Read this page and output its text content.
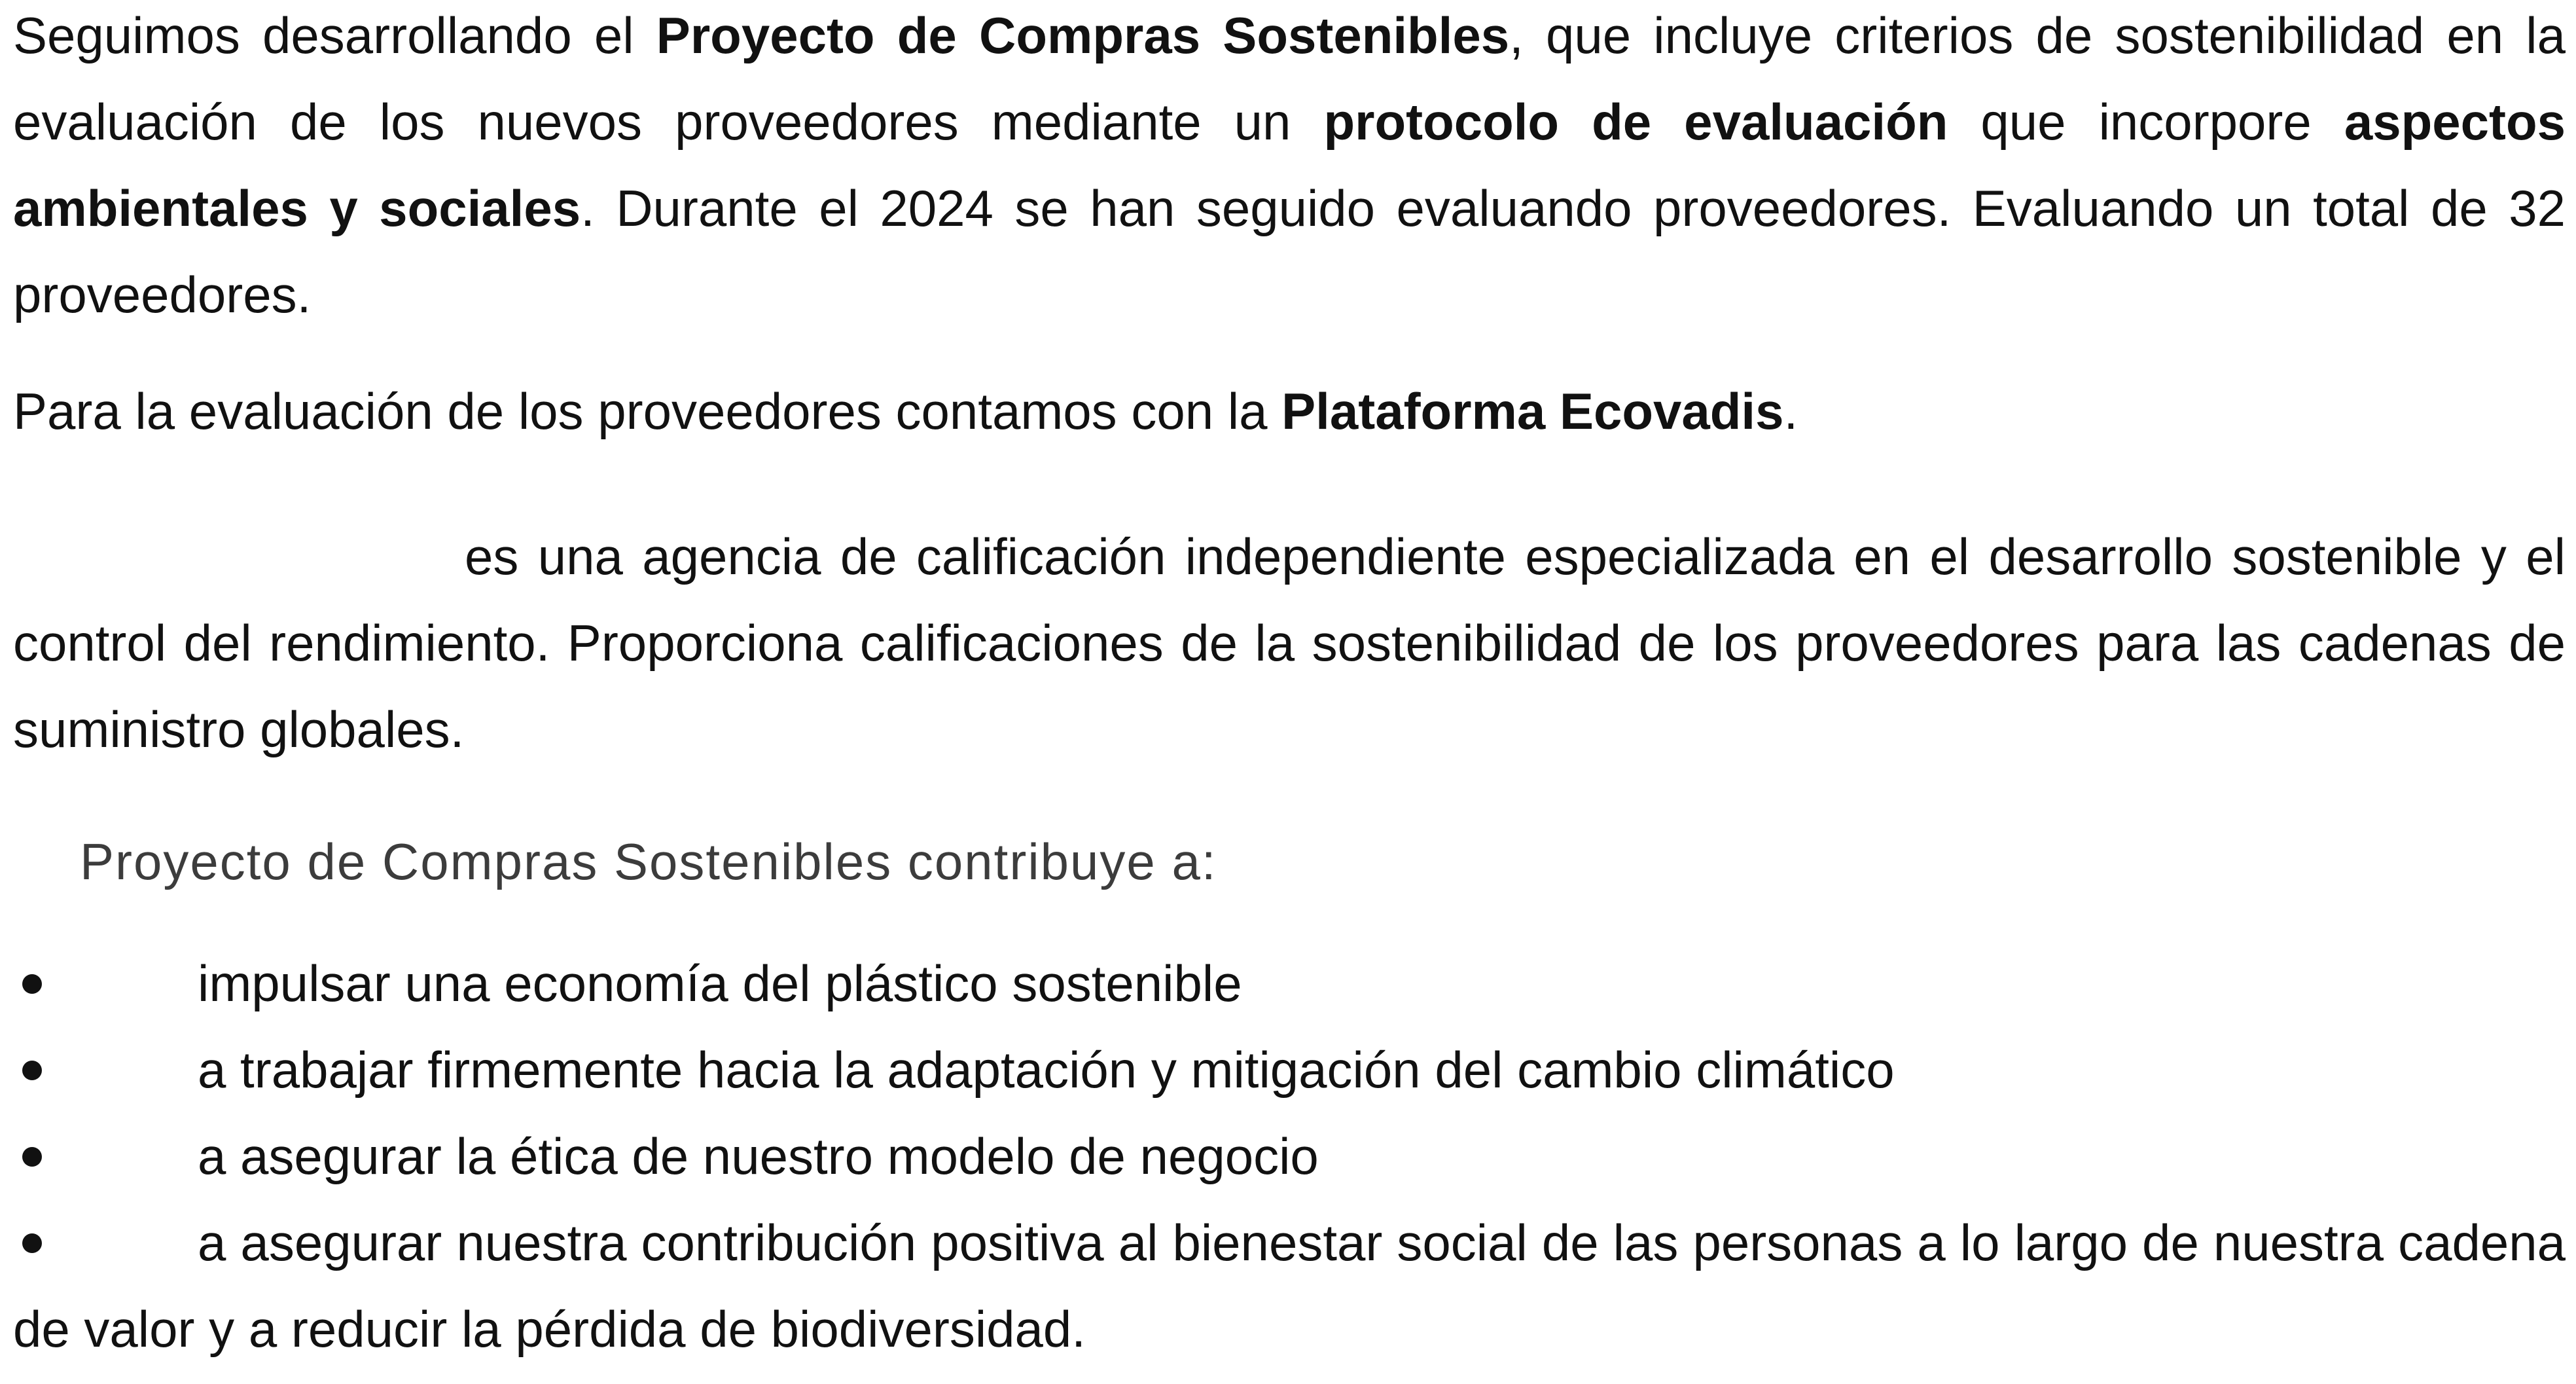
Seguimos desarrollando el Proyecto de Compras Sostenibles, que incluye criterios de sostenibilidad en la evaluación de los nuevos proveedores mediante un protocolo de evaluación que incorpore aspectos ambientales y sociales. Durante el 2024 se han seguido evaluando proveedores. Evaluando un total de 32 proveedores.

Para la evaluación de los proveedores contamos con la Plataforma Ecovadis.

es una agencia de calificación independiente especializada en el desarrollo sostenible y el control del rendimiento. Proporciona calificaciones de la sostenibilidad de los proveedores para las cadenas de suministro globales.

Proyecto de Compras Sostenibles contribuye a:

impulsar una economía del plástico sostenible
a trabajar firmemente hacia la adaptación y mitigación del cambio climático
a asegurar la ética de nuestro modelo de negocio
a asegurar nuestra contribución positiva al bienestar social de las personas a lo largo de nuestra cadena de valor y a reducir la pérdida de biodiversidad.
